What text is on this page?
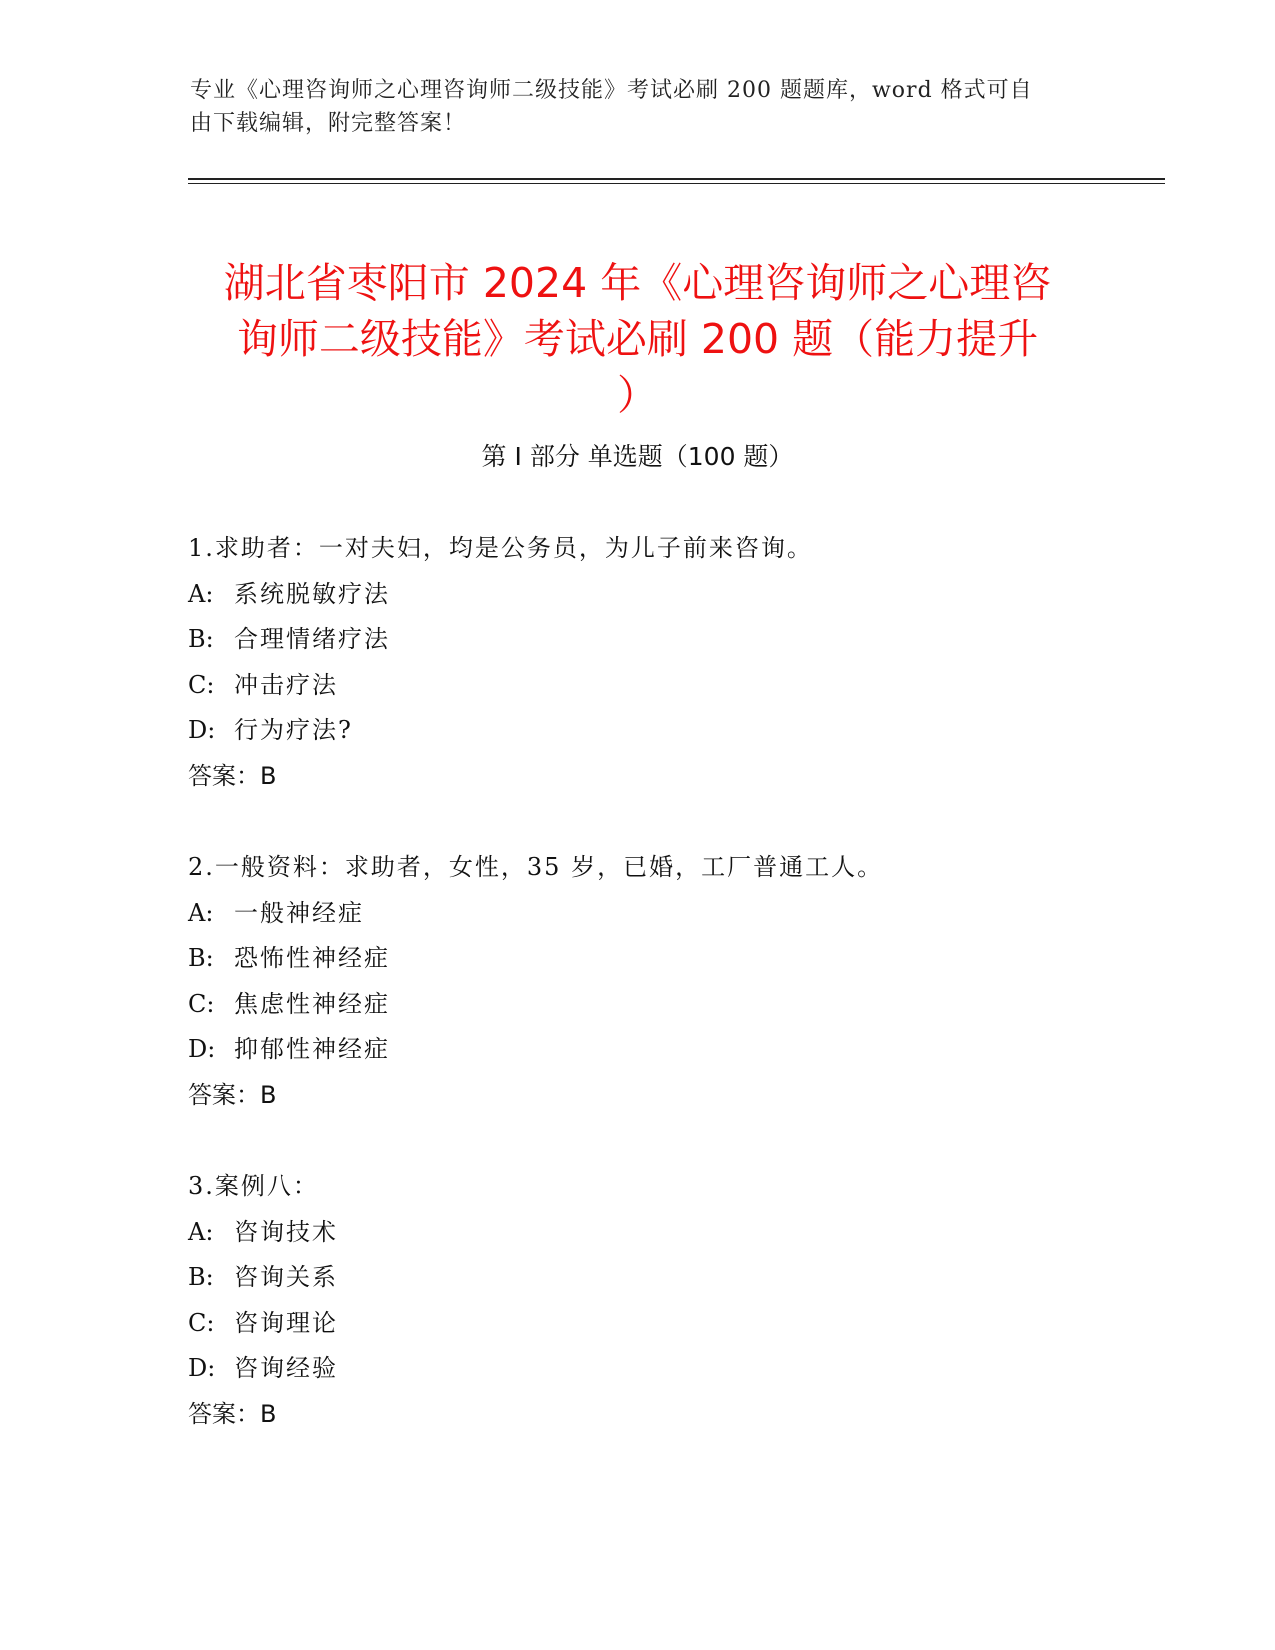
专业《心理咨询师之心理咨询师二级技能》考试必刷 200 题题库，word 格式可自
由下载编辑，附完整答案！
湖北省枣阳市 2024 年《心理咨询师之心理咨
询师二级技能》考试必刷 200 题（能力提升
）
第 I 部分 单选题（100 题）
1.求助者：一对夫妇，均是公务员，为儿子前来咨询。
A: 系统脱敏疗法
B: 合理情绪疗法
C: 冲击疗法
D: 行为疗法?
答案：B
2.一般资料：求助者，女性，35 岁，已婚，工厂普通工人。
A: 一般神经症
B: 恐怖性神经症
C: 焦虑性神经症
D: 抑郁性神经症
答案：B
3.案例八：
A: 咨询技术
B: 咨询关系
C: 咨询理论
D: 咨询经验
答案：B
